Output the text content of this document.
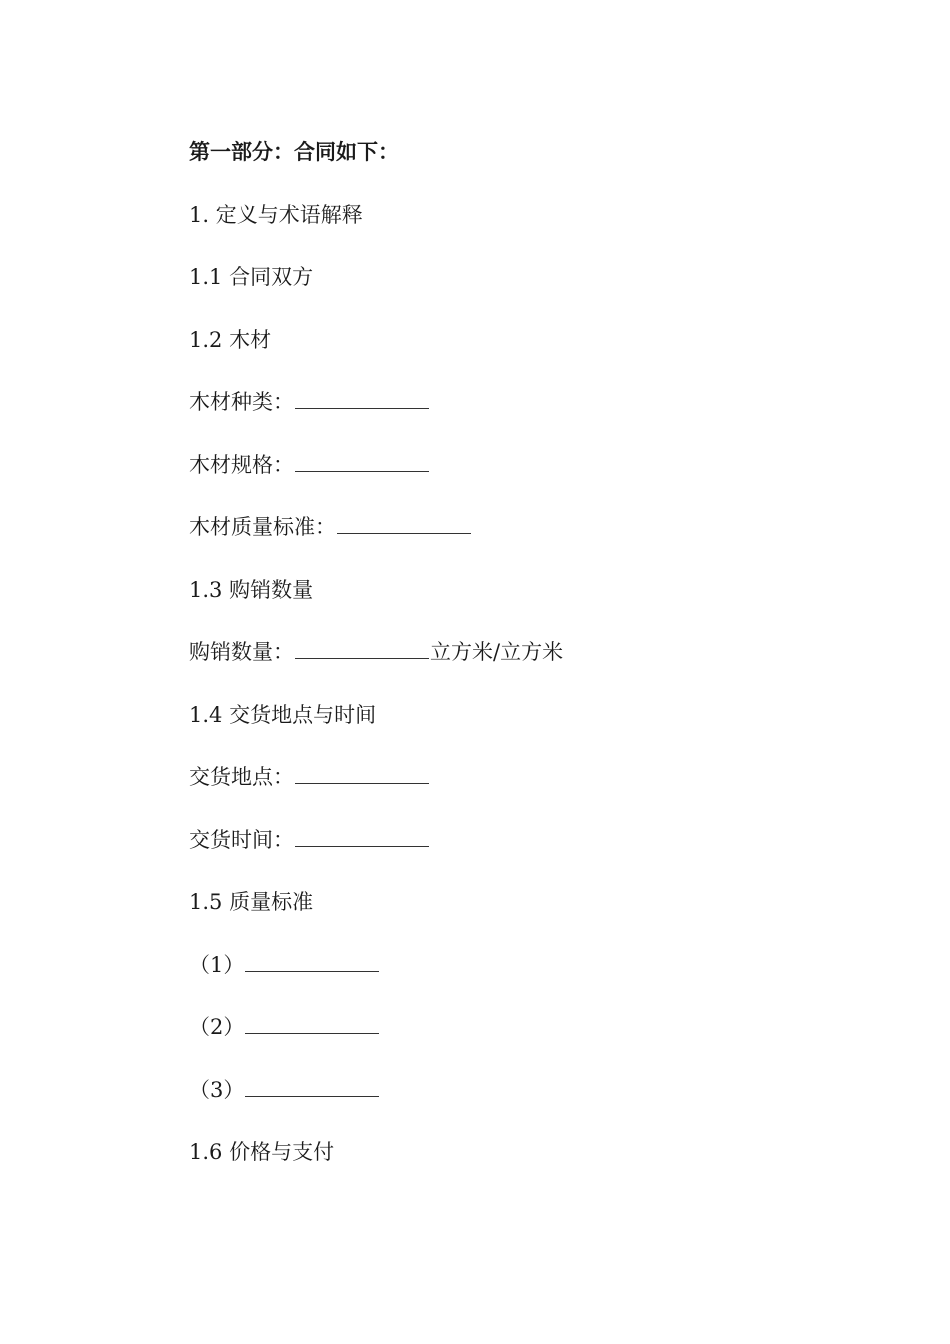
第一部分：合同如下：
1. 定义与术语解释
1.1 合同双方
1.2 木材
木材种类：
木材规格：
木材质量标准：
1.3 购销数量
购销数量：	立方米/立方米
1.4 交货地点与时间
交货地点：
交货时间：
1.5 质量标准
（1）
（2）
（3）
1.6 价格与支付
